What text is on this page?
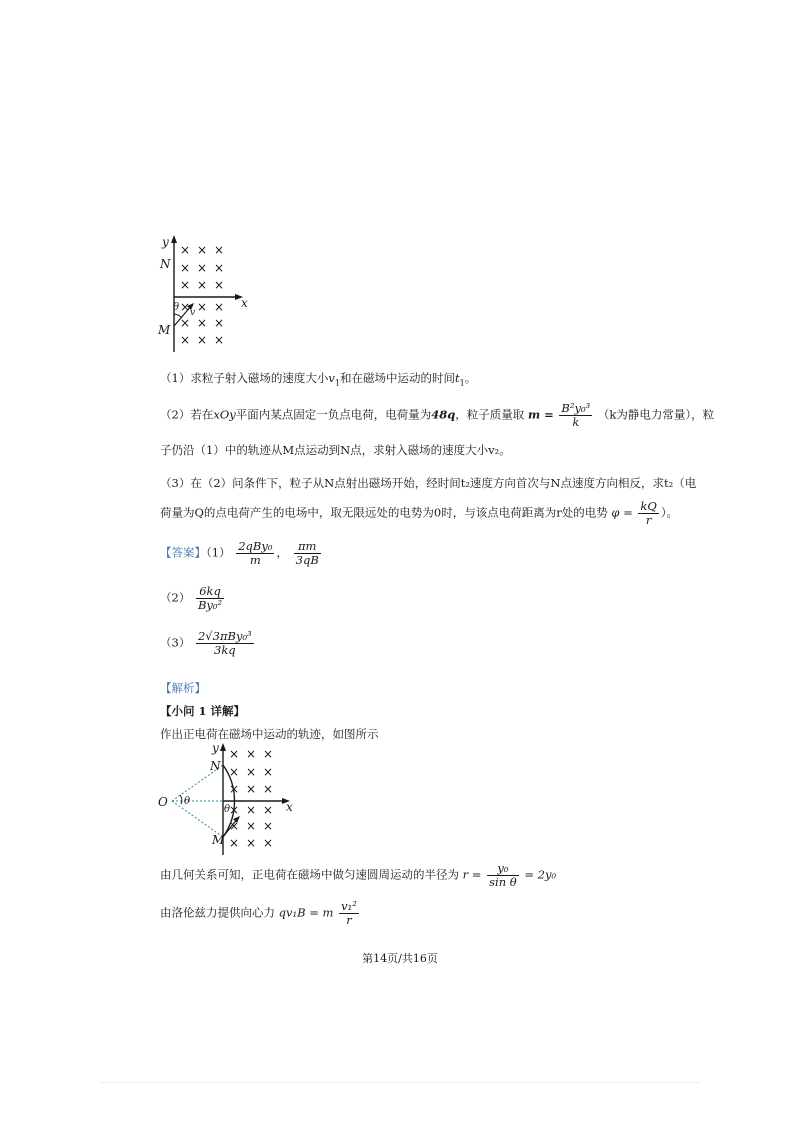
× × ×
× × ×
× × ×
× × ×
× × ×
× × ×
y
x
N
M
θ v
（1）求粒子射入磁场的速度大小$v_1$和在磁场中运动的时间$t_1$。
（2）若在xOy平面内某点固定一负点电荷，电荷量为48q，粒子质量取 $m = \frac{\text{B²y₀³}}{k} (k$为静电力常量），粒
子仍沿（1）中的轨迹从M点运动到N点，求射入磁场的速度大小v₂。
（3）在（2）问条件下，粒子从N点射出磁场开始，经时间t₂速度方向首次与N点速度方向相反，求t₂（电
荷量为Q的点电荷产生的电场中，取无限远处的电势为0时，与该点电荷距离为r处的电势 $\varphi = \frac{kQ}{r}$ ）。
【答案】$(1) \frac{\text{2qBy₀}}{m}$ ， $\frac{\pi m}{3qB}$
$(2) \frac{6kq}{\text{By₀²}}$
$(3) \frac{\text{2√3πBy₀³}}{3kq}$
【解析】
【小问 1 详解】
作出正电荷在磁场中运动的轨迹，如图所示
× × ×
× × ×
× × ×
× × ×
× × ×
× × ×
y
x
N
M
O θ
θ
由几何关系可知，正电荷在磁场中做匀速圆周运动的半径为 $r = \frac{\text{y₀}}{\text{sin θ}} = 2y_0$
由洛伦兹力提供向心力 qv₁B = m $\frac{\text{v₁²}}{r}$
第14页/共16页
